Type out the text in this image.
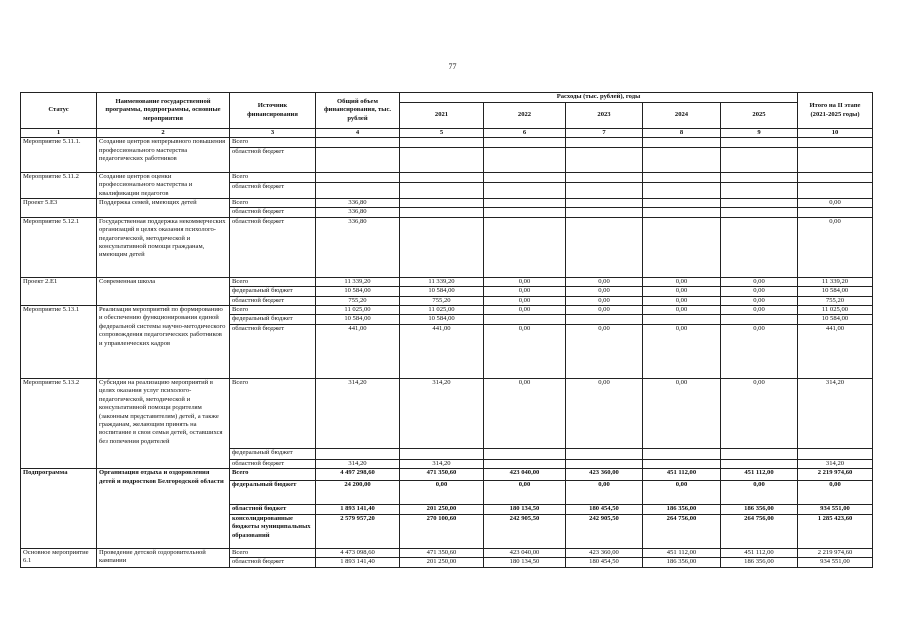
77
Статус	Наименование государственной программы, подпрограммы, основные мероприятия	Источник финансирования	Общий объем финансирования, тыс. рублей	Расходы (тыс. рублей), годы					Итого на II этапе (2021-2025 годы)
				2021	2022	2023	2024	2025	
1	2	3	4	5	6	7	8	9	10
Мероприятие 5.11.1.	Создание центров непрерывного повышения профессионального мастерства педагогических работников	Всего							
		областной бюджет							
Мероприятие 5.11.2	Создание центров оценки профессионального мастерства и квалификации педагогов	Всего							
		областной бюджет							
Проект 5.Е3	Поддержка семей, имеющих детей	Всего	336,80						0,00
		областной бюджет	336,80						
Мероприятие 5.12.1	Государственная поддержка некоммерческих организаций в целях оказания психолого-педагогической, методической и консультативной помощи гражданам, имеющим детей	областной бюджет	336,80						0,00
Проект 2.Е1	Современная школа	Всего	11 339,20	11 339,20	0,00	0,00	0,00	0,00	11 339,20
		федеральный бюджет	10 584,00	10 584,00	0,00	0,00	0,00	0,00	10 584,00
		областной бюджет	755,20	755,20	0,00	0,00	0,00	0,00	755,20
Мероприятие 5.13.1	Реализация мероприятий по формированию и обеспечению функционирования единой федеральной системы научно-методического сопровождения педагогических работников и управленческих кадров	Всего	11 025,00	11 025,00	0,00	0,00	0,00	0,00	11 025,00
		федеральный бюджет	10 584,00	10 584,00					10 584,00
		областной бюджет	441,00	441,00	0,00	0,00	0,00	0,00	441,00
Мероприятие 5.13.2	Субсидия на реализацию мероприятий в целях оказания услуг психолого-педагогической, методической и консультативной помощи родителям (законным представителям) детей, а также гражданам, желающим принять на воспитание в свои семьи детей, оставшихся без попечения родителей	Всего	314,20	314,20	0,00	0,00	0,00	0,00	314,20
		федеральный бюджет							
		областной бюджет	314,20	314,20					314,20
Подпрограмма	Организация отдыха и оздоровления детей и подростков Белгородской области	Всего	4 497 298,60	471 350,60	423 040,00	423 360,00	451 112,00	451 112,00	2 219 974,60
		федеральный бюджет	24 200,00	0,00	0,00	0,00	0,00	0,00	0,00
		областной бюджет	1 893 141,40	201 250,00	180 134,50	180 454,50	186 356,00	186 356,00	934 551,00
		консолидированные бюджеты муниципальных образований	2 579 957,20	270 100,60	242 905,50	242 905,50	264 756,00	264 756,00	1 285 423,60
Основное мероприятие 6.1	Проведение детской оздоровительной кампании	Всего	4 473 098,60	471 350,60	423 040,00	423 360,00	451 112,00	451 112,00	2 219 974,60
		областной бюджет	1 893 141,40	201 250,00	180 134,50	180 454,50	186 356,00	186 356,00	934 551,00
